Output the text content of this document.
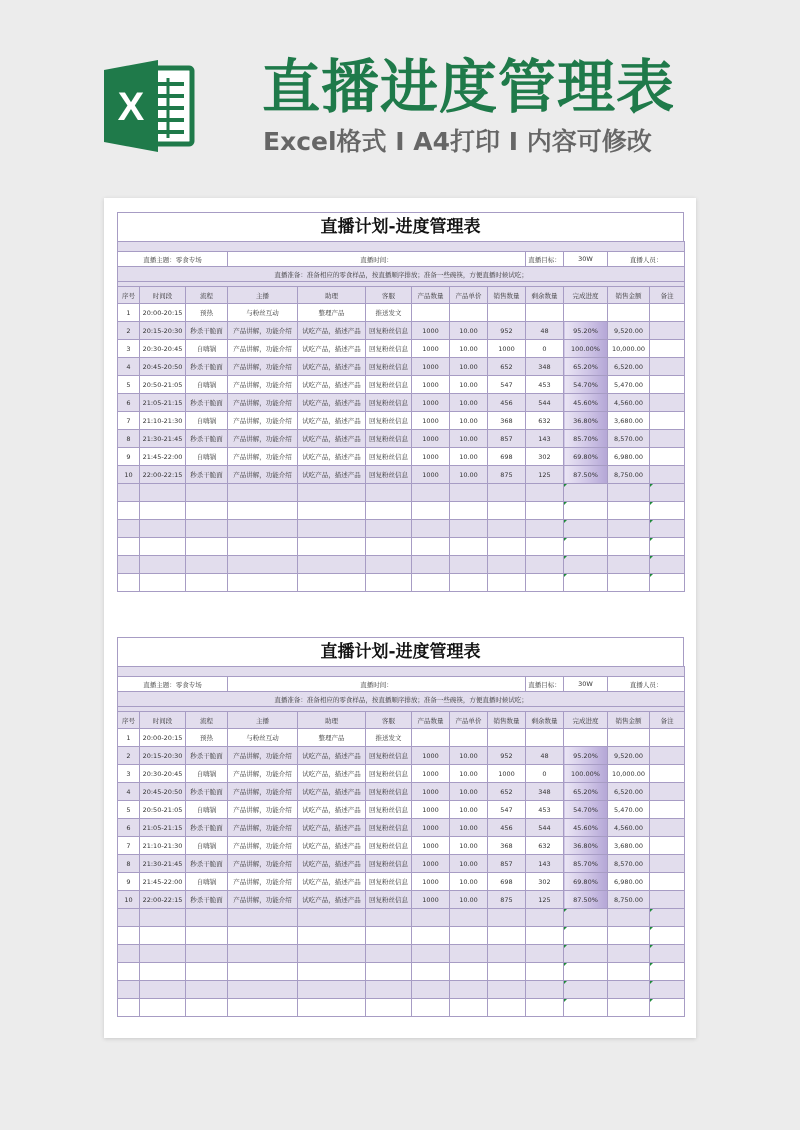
X 直播进度管理表
Excel格式 I A4打印 I 内容可修改
直播计划-进度管理表

直播主题：零食专场			直播时间：						直播目标：	30W	直播人员：	
直播准备：准备相应的零食样品，按直播顺序排放；准备一些碗筷，方便直播时候试吃；												

序号	时间段	流程	主播	助理	客服	产品数量	产品单价	销售数量	剩余数量	完成进度	销售金额	备注
1	20:00-20:15	预热	与粉丝互动	整理产品	推送发文							
2	20:15-20:30	秒杀干脆面	产品讲解，功能介绍	试吃产品，描述产品	回复粉丝信息	1000	10.00	952	48	95.20%	9,520.00	
3	20:30-20:45	自嗨锅	产品讲解，功能介绍	试吃产品，描述产品	回复粉丝信息	1000	10.00	1000	0	100.00%	10,000.00	
4	20:45-20:50	秒杀干脆面	产品讲解，功能介绍	试吃产品，描述产品	回复粉丝信息	1000	10.00	652	348	65.20%	6,520.00	
5	20:50-21:05	自嗨锅	产品讲解，功能介绍	试吃产品，描述产品	回复粉丝信息	1000	10.00	547	453	54.70%	5,470.00	
6	21:05-21:15	秒杀干脆面	产品讲解，功能介绍	试吃产品，描述产品	回复粉丝信息	1000	10.00	456	544	45.60%	4,560.00	
7	21:10-21:30	自嗨锅	产品讲解，功能介绍	试吃产品，描述产品	回复粉丝信息	1000	10.00	368	632	36.80%	3,680.00	
8	21:30-21:45	秒杀干脆面	产品讲解，功能介绍	试吃产品，描述产品	回复粉丝信息	1000	10.00	857	143	85.70%	8,570.00	
9	21:45-22:00	自嗨锅	产品讲解，功能介绍	试吃产品，描述产品	回复粉丝信息	1000	10.00	698	302	69.80%	6,980.00	
10	22:00-22:15	秒杀干脆面	产品讲解，功能介绍	试吃产品，描述产品	回复粉丝信息	1000	10.00	875	125	87.50%	8,750.00	

直播计划-进度管理表

直播主题：零食专场			直播时间：						直播目标：	30W	直播人员：	
直播准备：准备相应的零食样品，按直播顺序排放；准备一些碗筷，方便直播时候试吃；												

序号	时间段	流程	主播	助理	客服	产品数量	产品单价	销售数量	剩余数量	完成进度	销售金额	备注
1	20:00-20:15	预热	与粉丝互动	整理产品	推送发文							
2	20:15-20:30	秒杀干脆面	产品讲解，功能介绍	试吃产品，描述产品	回复粉丝信息	1000	10.00	952	48	95.20%	9,520.00	
3	20:30-20:45	自嗨锅	产品讲解，功能介绍	试吃产品，描述产品	回复粉丝信息	1000	10.00	1000	0	100.00%	10,000.00	
4	20:45-20:50	秒杀干脆面	产品讲解，功能介绍	试吃产品，描述产品	回复粉丝信息	1000	10.00	652	348	65.20%	6,520.00	
5	20:50-21:05	自嗨锅	产品讲解，功能介绍	试吃产品，描述产品	回复粉丝信息	1000	10.00	547	453	54.70%	5,470.00	
6	21:05-21:15	秒杀干脆面	产品讲解，功能介绍	试吃产品，描述产品	回复粉丝信息	1000	10.00	456	544	45.60%	4,560.00	
7	21:10-21:30	自嗨锅	产品讲解，功能介绍	试吃产品，描述产品	回复粉丝信息	1000	10.00	368	632	36.80%	3,680.00	
8	21:30-21:45	秒杀干脆面	产品讲解，功能介绍	试吃产品，描述产品	回复粉丝信息	1000	10.00	857	143	85.70%	8,570.00	
9	21:45-22:00	自嗨锅	产品讲解，功能介绍	试吃产品，描述产品	回复粉丝信息	1000	10.00	698	302	69.80%	6,980.00	
10	22:00-22:15	秒杀干脆面	产品讲解，功能介绍	试吃产品，描述产品	回复粉丝信息	1000	10.00	875	125	87.50%	8,750.00	
